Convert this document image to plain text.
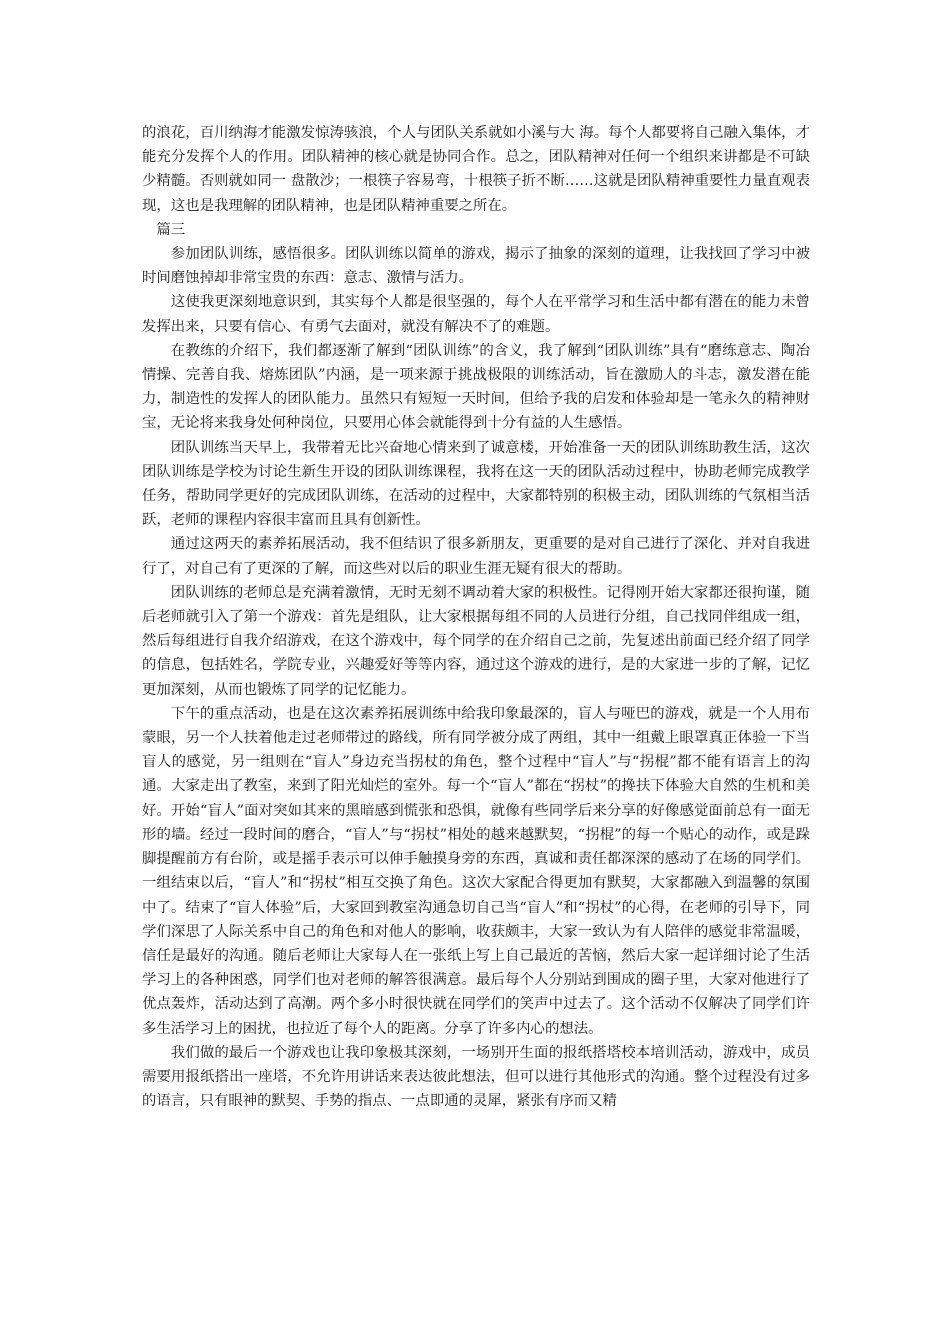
的浪花，百川纳海才能激发惊涛骇浪，个人与团队关系就如小溪与大 海。每个人都要将自己融入集体，才能充分发挥个人的作用。团队精神的核心就是协同合作。总之，团队精神对任何一个组织来讲都是不可缺少精髓。否则就如同一 盘散沙；一根筷子容易弯，十根筷子折不断……这就是团队精神重要性力量直观表现，这也是我理解的团队精神，也是团队精神重要之所在。

篇三

参加团队训练，感悟很多。团队训练以简单的游戏，揭示了抽象的深刻的道理，让我找回了学习中被时间磨蚀掉却非常宝贵的东西：意志、激情与活力。

这使我更深刻地意识到，其实每个人都是很坚强的，每个人在平常学习和生活中都有潜在的能力未曾发挥出来，只要有信心、有勇气去面对，就没有解决不了的难题。

在教练的介绍下，我们都逐渐了解到“团队训练”的含义，我了解到“团队训练”具有“磨练意志、陶冶情操、完善自我、熔炼团队”内涵，是一项来源于挑战极限的训练活动，旨在激励人的斗志，激发潜在能力，制造性的发挥人的团队能力。虽然只有短短一天时间，但给予我的启发和体验却是一笔永久的精神财宝，无论将来我身处何种岗位，只要用心体会就能得到十分有益的人生感悟。

团队训练当天早上，我带着无比兴奋地心情来到了诚意楼，开始准备一天的团队训练助教生活，这次团队训练是学校为讨论生新生开设的团队训练课程，我将在这一天的团队活动过程中，协助老师完成教学任务，帮助同学更好的完成团队训练，在活动的过程中，大家都特别的积极主动，团队训练的气氛相当活跃，老师的课程内容很丰富而且具有创新性。

通过这两天的素养拓展活动，我不但结识了很多新朋友，更重要的是对自己进行了深化、并对自我进行了，对自己有了更深的了解，而这些对以后的职业生涯无疑有很大的帮助。

团队训练的老师总是充满着激情，无时无刻不调动着大家的积极性。记得刚开始大家都还很拘谨，随后老师就引入了第一个游戏：首先是组队，让大家根据每组不同的人员进行分组，自己找同伴组成一组，然后每组进行自我介绍游戏，在这个游戏中，每个同学的在介绍自己之前，先复述出前面已经介绍了同学的信息，包括姓名，学院专业，兴趣爱好等等内容，通过这个游戏的进行，是的大家进一步的了解，记忆更加深刻，从而也锻炼了同学的记忆能力。

下午的重点活动，也是在这次素养拓展训练中给我印象最深的，盲人与哑巴的游戏，就是一个人用布蒙眼，另一个人扶着他走过老师带过的路线，所有同学被分成了两组，其中一组戴上眼罩真正体验一下当盲人的感觉，另一组则在“盲人”身边充当拐杖的角色，整个过程中“盲人”与“拐棍”都不能有语言上的沟通。大家走出了教室，来到了阳光灿烂的室外。每一个“盲人”都在“拐杖”的搀扶下体验大自然的生机和美好。开始“盲人”面对突如其来的黑暗感到慌张和恐惧，就像有些同学后来分享的好像感觉面前总有一面无形的墙。经过一段时间的磨合，“盲人”与“拐杖”相处的越来越默契，“拐棍”的每一个贴心的动作，或是跺脚提醒前方有台阶，或是摇手表示可以伸手触摸身旁的东西，真诚和责任都深深的感动了在场的同学们。一组结束以后，“盲人”和“拐杖”相互交换了角色。这次大家配合得更加有默契，大家都融入到温馨的氛围中了。结束了“盲人体验”后，大家回到教室沟通急切自己当“盲人”和“拐杖”的心得，在老师的引导下，同学们深思了人际关系中自己的角色和对他人的影响，收获颇丰，大家一致认为有人陪伴的感觉非常温暖，信任是最好的沟通。随后老师让大家每人在一张纸上写上自己最近的苦恼，然后大家一起详细讨论了生活学习上的各种困惑，同学们也对老师的解答很满意。最后每个人分别站到围成的圈子里，大家对他进行了优点轰炸，活动达到了高潮。两个多小时很快就在同学们的笑声中过去了。这个活动不仅解决了同学们许多生活学习上的困扰，也拉近了每个人的距离。分享了许多内心的想法。

我们做的最后一个游戏也让我印象极其深刻，一场别开生面的报纸搭塔校本培训活动，游戏中，成员需要用报纸搭出一座塔，不允许用讲话来表达彼此想法，但可以进行其他形式的沟通。整个过程没有过多的语言，只有眼神的默契、手势的指点、一点即通的灵犀，紧张有序而又精
